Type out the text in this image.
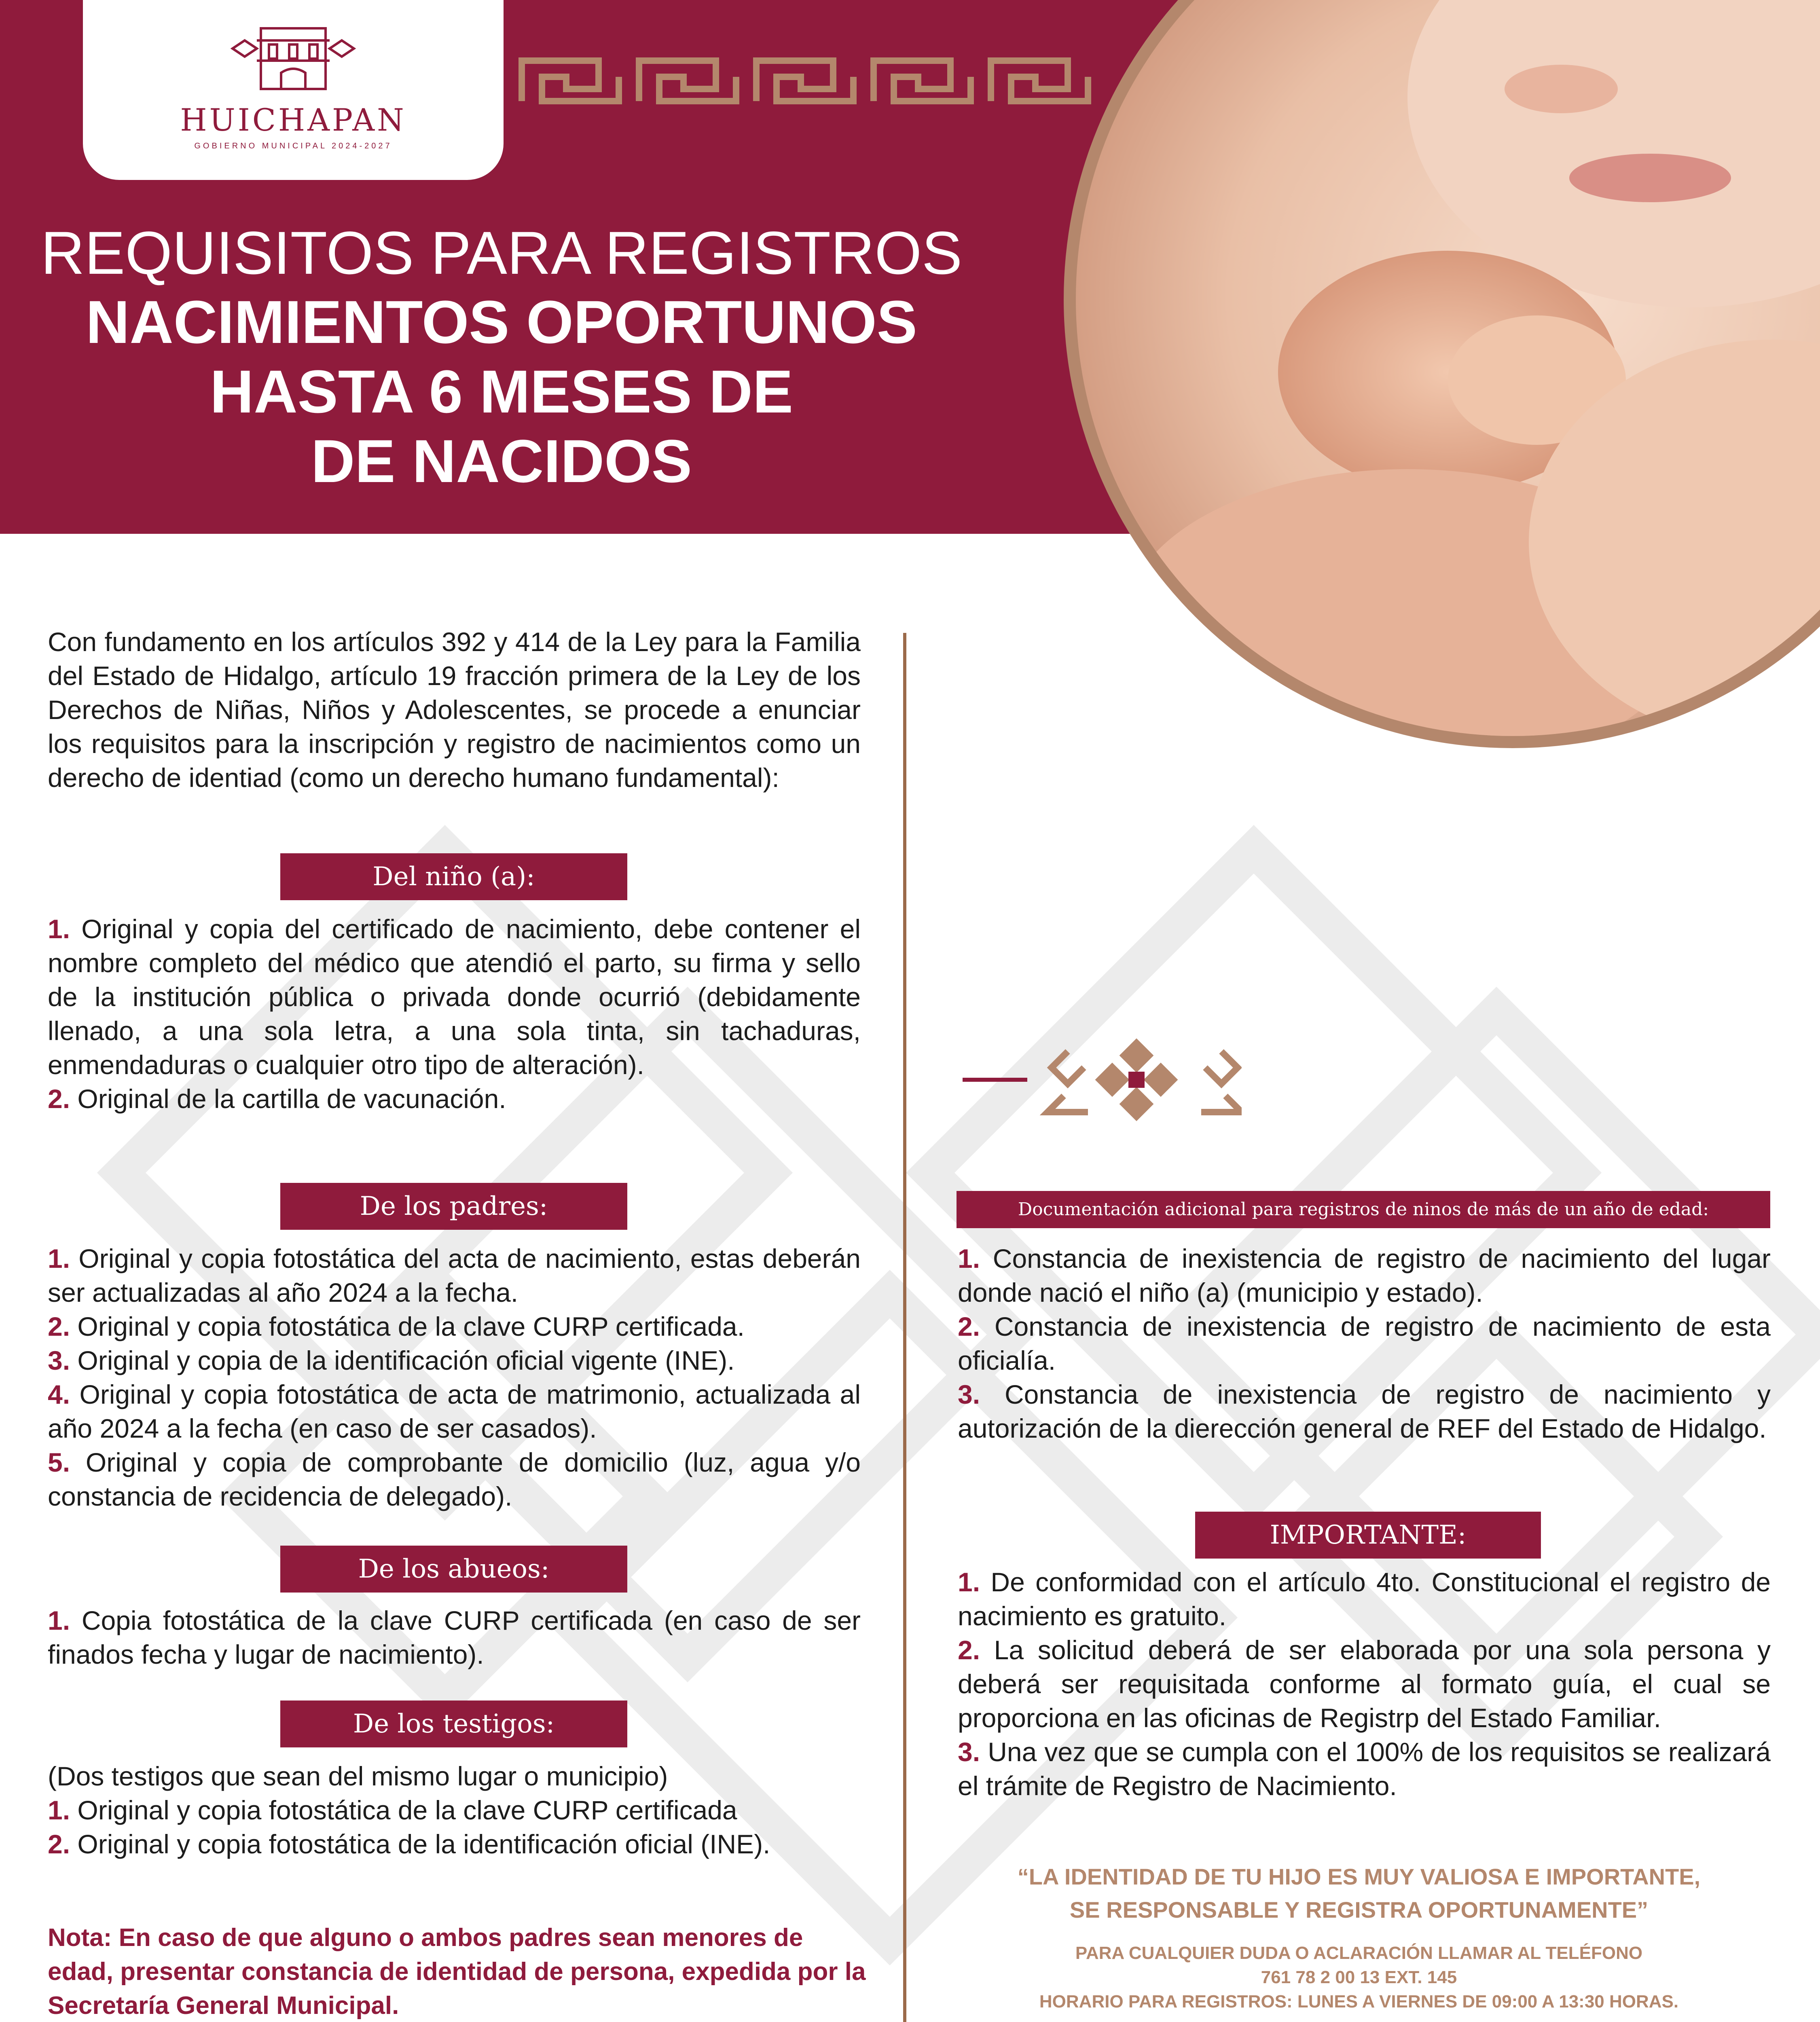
HUICHAPAN
GOBIERNO MUNICIPAL 2024-2027
REQUISITOS PARA REGISTROS
NACIMIENTOS OPORTUNOS
HASTA 6 MESES DE
DE NACIDOS
Con fundamento en los artículos 392 y 414 de la Ley para la Familia del Estado de Hidalgo, artículo 19 fracción primera de la Ley de los Derechos de Niñas, Niños y Adolescentes, se procede a enunciar los requisitos para la inscripción y registro de nacimientos como un derecho de identiad (como un derecho humano fundamental):
Del niño (a):
1. Original y copia del certificado de nacimiento, debe contener el nombre completo del médico que atendió el parto, su firma y sello de la institución pública o privada donde ocurrió (debidamente llenado, a una sola letra, a una sola tinta, sin tachaduras, enmendaduras o cualquier otro tipo de alteración).
2. Original de la cartilla de vacunación.
De los padres:
1. Original y copia fotostática del acta de nacimiento, estas deberán ser actualizadas al año 2024 a la fecha.
2. Original y copia fotostática de la clave CURP certificada.
3. Original y copia de la identificación oficial vigente (INE).
4. Original y copia fotostática de acta de matrimonio, actualizada al año 2024 a la fecha (en caso de ser casados).
5. Original y copia de comprobante de domicilio (luz, agua y/o constancia de recidencia de delegado).
De los abueos:
1. Copia fotostática de la clave CURP certificada (en caso de ser finados fecha y lugar de nacimiento).
De los testigos:
(Dos testigos que sean del mismo lugar o municipio)
1. Original y copia fotostática de la clave CURP certificada
2. Original y copia fotostática de la identificación oficial (INE).
Nota: En caso de que alguno o ambos padres sean menores de edad, presentar constancia de identidad de persona, expedida por la Secretaría General Municipal.
Documentación adicional para registros de ninos de más de un año de edad:
1. Constancia de inexistencia de registro de nacimiento del lugar donde nació el niño (a) (municipio y estado).
2. Constancia de inexistencia de registro de nacimiento de esta oficialía.
3. Constancia de inexistencia de registro de nacimiento y autorización de la dierección general de REF del Estado de Hidalgo.
IMPORTANTE:
1. De conformidad con el artículo 4to. Constitucional el registro de nacimiento es gratuito.
2. La solicitud deberá de ser elaborada por una sola persona y deberá ser requisitada conforme al formato guía, el cual se proporciona en las oficinas de Registrp del Estado Familiar.
3. Una vez que se cumpla con el 100% de los requisitos se realizará el trámite de Registro de Nacimiento.
“LA IDENTIDAD DE TU HIJO ES MUY VALIOSA E IMPORTANTE,
SE RESPONSABLE Y REGISTRA OPORTUNAMENTE”
PARA CUALQUIER DUDA O ACLARACIÓN LLAMAR AL TELÉFONO
761 78 2 00 13 EXT. 145
HORARIO PARA REGISTROS: LUNES A VIERNES DE 09:00 A 13:30 HORAS.
